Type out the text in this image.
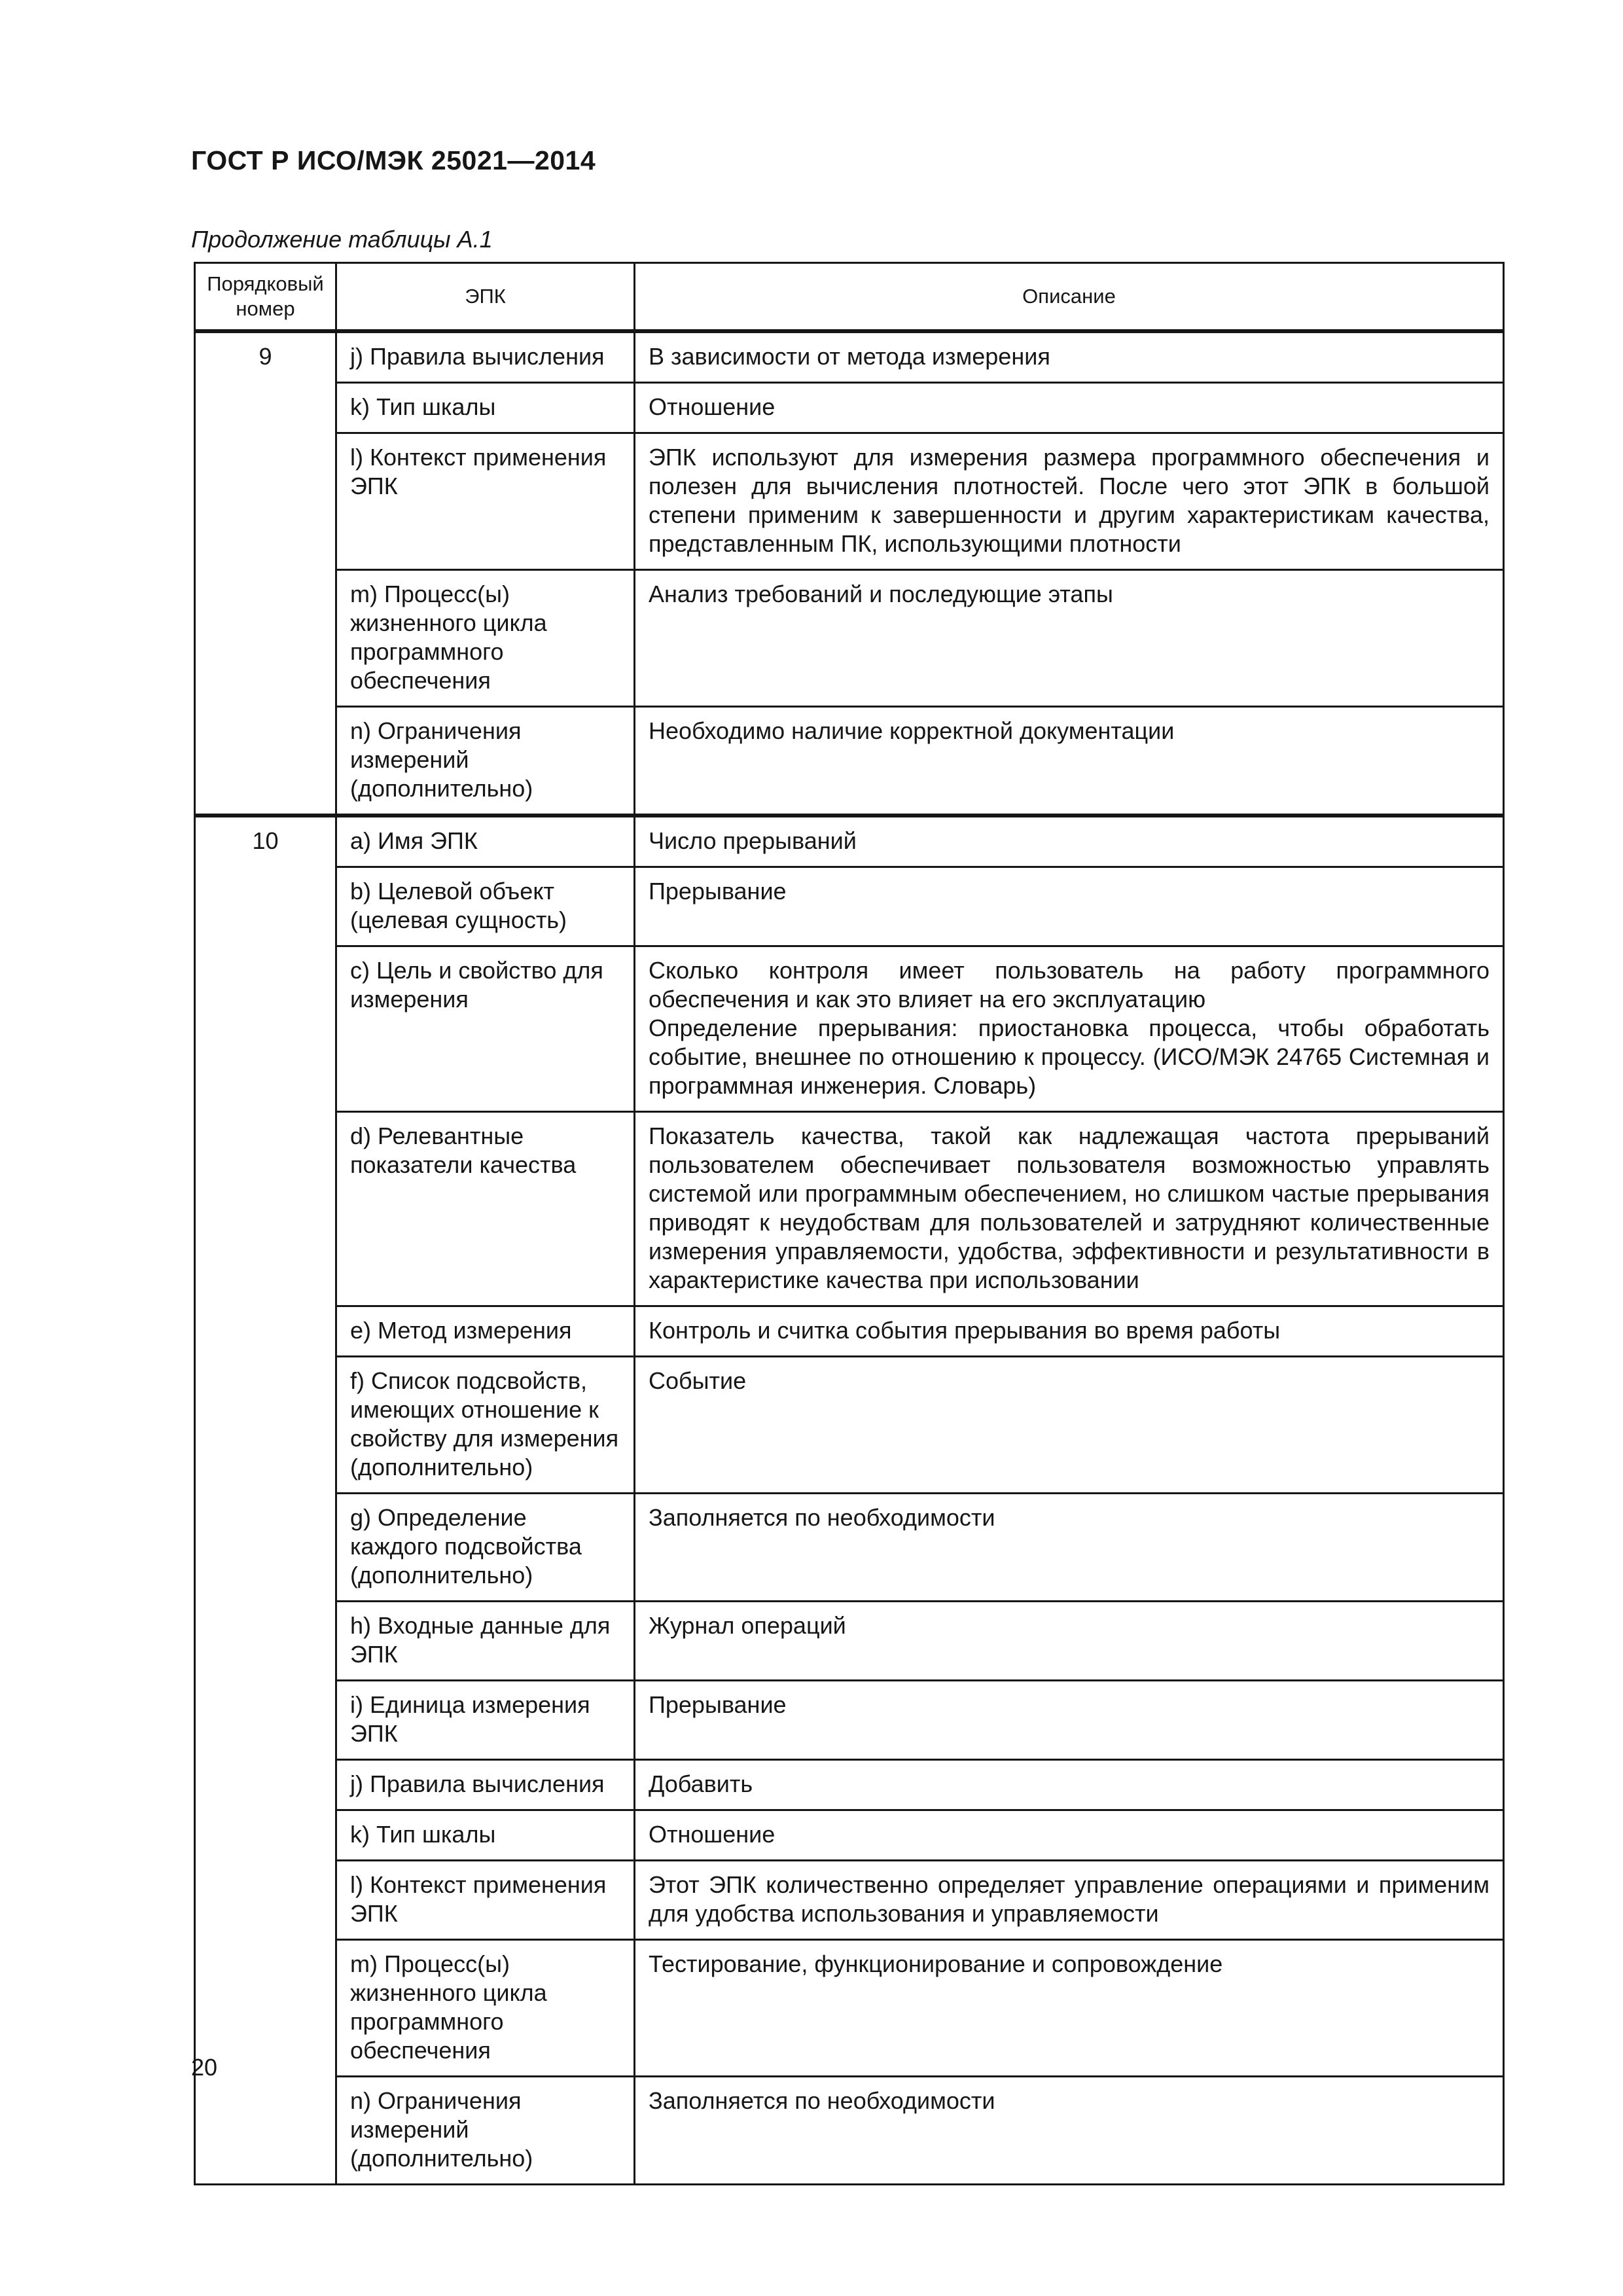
ГОСТ Р ИСО/МЭК 25021—2014
Продолжение таблицы А.1
Порядковый номер	ЭПК	Описание
9	j) Правила вычисления	В зависимости от метода измерения

	k) Тип шкалы	Отношение

	l) Контекст применения ЭПК	ЭПК используют для измерения размера программного обеспечения и полезен для вычисления плотностей. После чего этот ЭПК в большой степени применим к завершенности и другим характеристикам качества, представленным ПК, использующими плотности

	m) Процесс(ы) жизненного цикла программного обеспечения	Анализ требований и последующие этапы

	n) Ограничения измерений (дополнительно)	Необходимо наличие корректной документации

10	a) Имя ЭПК	Число прерываний

	b) Целевой объект (целевая сущность)	Прерывание

	c) Цель и свойство для измерения	Сколько контроля имеет пользователь на работу программного обеспечения и как это влияет на его эксплуатацию
Определение прерывания: приостановка процесса, чтобы обработать событие, внешнее по отношению к процессу. (ИСО/МЭК 24765 Системная и программная инженерия. Словарь)

	d) Релевантные показатели качества	Показатель качества, такой как надлежащая частота прерываний пользователем обеспечивает пользователя возможностью управлять системой или программным обеспечением, но слишком частые прерывания приводят к неудобствам для пользователей и затрудняют количественные измерения управляемости, удобства, эффективности и результативности в характеристике качества при использовании

	e) Метод измерения	Контроль и считка события прерывания во время работы

	f) Список подсвойств, имеющих отношение к свойству для измерения (дополнительно)	Событие

	g) Определение каждого подсвойства (дополнительно)	Заполняется по необходимости

	h) Входные данные для ЭПК	Журнал операций

	i) Единица измерения ЭПК	Прерывание

	j) Правила вычисления	Добавить

	k) Тип шкалы	Отношение

	l) Контекст применения ЭПК	Этот ЭПК количественно определяет управление операциями и применим для удобства использования и управляемости

	m) Процесс(ы) жизненного цикла программного обеспечения	Тестирование, функционирование и сопровождение

	n) Ограничения измерений (дополнительно)	Заполняется по необходимости
20
